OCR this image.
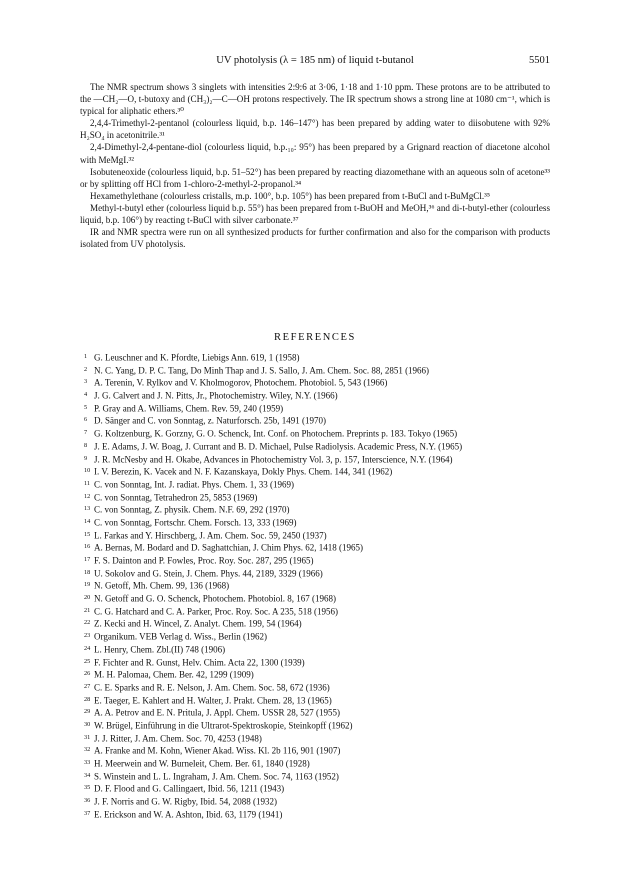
UV photolysis (λ = 185 nm) of liquid t-butanol	5501

The NMR spectrum shows 3 singlets with intensities 2:9:6 at 3·06, 1·18 and 1·10 ppm. These protons are to be attributed to the —CH₂—O, t-butoxy and (CH₃)₂—C—OH protons respectively. The IR spectrum shows a strong line at 1080 cm⁻¹, which is typical for aliphatic ethers.³⁰

2,4,4-Trimethyl-2-pentanol (colourless liquid, b.p. 146–147°) has been prepared by adding water to diisobutene with 92% H₂SO₄ in acetonitrile.³¹

2,4-Dimethyl-2,4-pentane-diol (colourless liquid, b.p.₁₀: 95°) has been prepared by a Grignard reaction of diacetone alcohol with MeMgI.³²

Isobuteneoxide (colourless liquid, b.p. 51–52°) has been prepared by reacting diazomethane with an aqueous soln of acetone³³ or by splitting off HCl from 1-chloro-2-methyl-2-propanol.³⁴

Hexamethylethane (colourless cristalls, m.p. 100°, b.p. 105°) has been prepared from t-BuCl and t-BuMgCl.³⁵

Methyl-t-butyl ether (colourless liquid b.p. 55°) has been prepared from t-BuOH and MeOH,³⁶ and di-t-butyl-ether (colourless liquid, b.p. 106°) by reacting t-BuCl with silver carbonate.³⁷

IR and NMR spectra were run on all synthesized products for further confirmation and also for the comparison with products isolated from UV photolysis.

REFERENCES
1 G. Leuschner and K. Pfordte, Liebigs Ann. 619, 1 (1958)
2 N. C. Yang, D. P. C. Tang, Do Minh Thap and J. S. Sallo, J. Am. Chem. Soc. 88, 2851 (1966)
3 A. Terenin, V. Rylkov and V. Kholmogorov, Photochem. Photobiol. 5, 543 (1966)
4 J. G. Calvert and J. N. Pitts, Jr., Photochemistry. Wiley, N.Y. (1966)
5 P. Gray and A. Williams, Chem. Rev. 59, 240 (1959)
6 D. Sänger and C. von Sonntag, z. Naturforsch. 25b, 1491 (1970)
7 G. Koltzenburg, K. Gorzny, G. O. Schenck, Int. Conf. on Photochem. Preprints p. 183. Tokyo (1965)
8 J. E. Adams, J. W. Boag, J. Currant and B. D. Michael, Pulse Radiolysis. Academic Press, N.Y. (1965)
9 J. R. McNesby and H. Okabe, Advances in Photochemistry Vol. 3, p. 157, Interscience, N.Y. (1964)
10 I. V. Berezin, K. Vacek and N. F. Kazanskaya, Dokly Phys. Chem. 144, 341 (1962)
11 C. von Sonntag, Int. J. radiat. Phys. Chem. 1, 33 (1969)
12 C. von Sonntag, Tetrahedron 25, 5853 (1969)
13 C. von Sonntag, Z. physik. Chem. N.F. 69, 292 (1970)
14 C. von Sonntag, Fortschr. Chem. Forsch. 13, 333 (1969)
15 L. Farkas and Y. Hirschberg, J. Am. Chem. Soc. 59, 2450 (1937)
16 A. Bernas, M. Bodard and D. Saghattchian, J. Chim Phys. 62, 1418 (1965)
17 F. S. Dainton and P. Fowles, Proc. Roy. Soc. 287, 295 (1965)
18 U. Sokolov and G. Stein, J. Chem. Phys. 44, 2189, 3329 (1966)
19 N. Getoff, Mh. Chem. 99, 136 (1968)
20 N. Getoff and G. O. Schenck, Photochem. Photobiol. 8, 167 (1968)
21 C. G. Hatchard and C. A. Parker, Proc. Roy. Soc. A 235, 518 (1956)
22 Z. Kecki and H. Wincel, Z. Analyt. Chem. 199, 54 (1964)
23 Organikum. VEB Verlag d. Wiss., Berlin (1962)
24 L. Henry, Chem. Zbl.(II) 748 (1906)
25 F. Fichter and R. Gunst, Helv. Chim. Acta 22, 1300 (1939)
26 M. H. Palomaa, Chem. Ber. 42, 1299 (1909)
27 C. E. Sparks and R. E. Nelson, J. Am. Chem. Soc. 58, 672 (1936)
28 E. Taeger, E. Kahlert and H. Walter, J. Prakt. Chem. 28, 13 (1965)
29 A. A. Petrov and E. N. Pritula, J. Appl. Chem. USSR 28, 527 (1955)
30 W. Brügel, Einführung in die Ultrarot-Spektroskopie, Steinkopff (1962)
31 J. J. Ritter, J. Am. Chem. Soc. 70, 4253 (1948)
32 A. Franke and M. Kohn, Wiener Akad. Wiss. Kl. 2b 116, 901 (1907)
33 H. Meerwein and W. Burneleit, Chem. Ber. 61, 1840 (1928)
34 S. Winstein and L. L. Ingraham, J. Am. Chem. Soc. 74, 1163 (1952)
35 D. F. Flood and G. Callingaert, Ibid. 56, 1211 (1943)
36 J. F. Norris and G. W. Rigby, Ibid. 54, 2088 (1932)
37 E. Erickson and W. A. Ashton, Ibid. 63, 1179 (1941)
